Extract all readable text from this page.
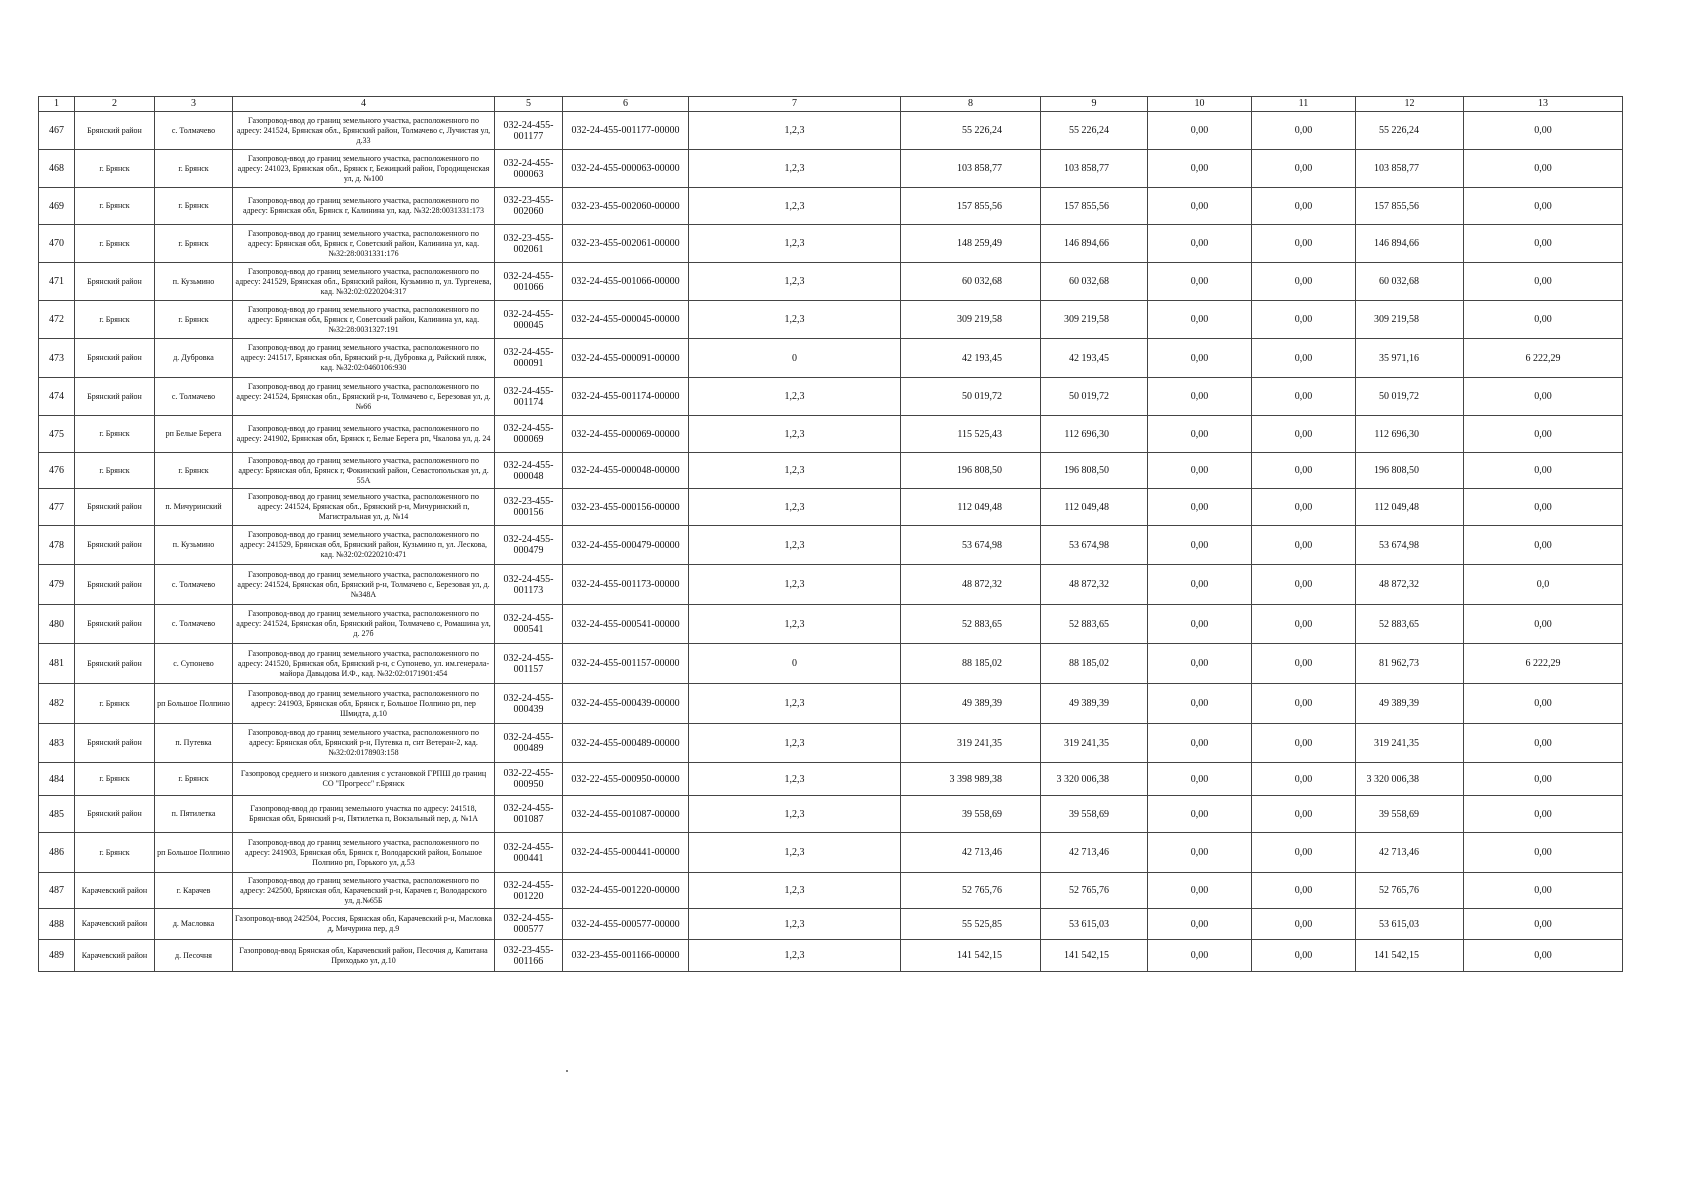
1	2	3	4	5	6	7	8	9	10	11	12	13
467	Брянский район	с. Толмачево	Газопровод-ввод до границ земельного участка, расположенного по адресу: 241524, Брянская обл., Брянский район, Толмачево с, Лучистая ул, д.33	032-24-455-001177	032-24-455-001177-00000	1,2,3	55 226,24	55 226,24	0,00	0,00	55 226,24	0,00
468	г. Брянск	г. Брянск	Газопровод-ввод до границ земельного участка, расположенного по адресу: 241023, Брянская обл., Брянск г, Бежицкий район, Городищенская ул, д. №100	032-24-455-000063	032-24-455-000063-00000	1,2,3	103 858,77	103 858,77	0,00	0,00	103 858,77	0,00
469	г. Брянск	г. Брянск	Газопровод-ввод до границ земельного участка, расположенного по адресу: Брянская обл, Брянск г, Калинина ул, кад. №32:28:0031331:173	032-23-455-002060	032-23-455-002060-00000	1,2,3	157 855,56	157 855,56	0,00	0,00	157 855,56	0,00
470	г. Брянск	г. Брянск	Газопровод-ввод до границ земельного участка, расположенного по адресу: Брянская обл, Брянск г, Советский район, Калинина ул, кад. №32:28:0031331:176	032-23-455-002061	032-23-455-002061-00000	1,2,3	148 259,49	146 894,66	0,00	0,00	146 894,66	0,00
471	Брянский район	п. Кузьмино	Газопровод-ввод до границ земельного участка, расположенного по адресу: 241529, Брянская обл., Брянский район, Кузьмино п, ул. Тургенева, кад. №32:02:0220204:317	032-24-455-001066	032-24-455-001066-00000	1,2,3	60 032,68	60 032,68	0,00	0,00	60 032,68	0,00
472	г. Брянск	г. Брянск	Газопровод-ввод до границ земельного участка, расположенного по адресу: Брянская обл, Брянск г, Советский район, Калинина ул, кад. №32:28:0031327:191	032-24-455-000045	032-24-455-000045-00000	1,2,3	309 219,58	309 219,58	0,00	0,00	309 219,58	0,00
473	Брянский район	д. Дубровка	Газопровод-ввод до границ земельного участка, расположенного по адресу: 241517, Брянская обл, Брянский р-н, Дубровка д, Райский пляж, кад. №32:02:0460106:930	032-24-455-000091	032-24-455-000091-00000	0	42 193,45	42 193,45	0,00	0,00	35 971,16	6 222,29
474	Брянский район	с. Толмачево	Газопровод-ввод до границ земельного участка, расположенного по адресу: 241524, Брянская обл., Брянский р-н, Толмачево с, Березовая ул, д. №66	032-24-455-001174	032-24-455-001174-00000	1,2,3	50 019,72	50 019,72	0,00	0,00	50 019,72	0,00
475	г. Брянск	рп Белые Берега	Газопровод-ввод до границ земельного участка, расположенного по адресу: 241902, Брянская обл, Брянск г, Белые Берега рп, Чкалова ул, д. 24	032-24-455-000069	032-24-455-000069-00000	1,2,3	115 525,43	112 696,30	0,00	0,00	112 696,30	0,00
476	г. Брянск	г. Брянск	Газопровод-ввод до границ земельного участка, расположенного по адресу: Брянская обл, Брянск г, Фокинский район, Севастопольская ул, д. 55А	032-24-455-000048	032-24-455-000048-00000	1,2,3	196 808,50	196 808,50	0,00	0,00	196 808,50	0,00
477	Брянский район	п. Мичуринский	Газопровод-ввод до границ земельного участка, расположенного по адресу: 241524, Брянская обл., Брянский р-н, Мичуринский п, Магистральная ул, д. №14	032-23-455-000156	032-23-455-000156-00000	1,2,3	112 049,48	112 049,48	0,00	0,00	112 049,48	0,00
478	Брянский район	п. Кузьмино	Газопровод-ввод до границ земельного участка, расположенного по адресу: 241529, Брянская обл, Брянский район, Кузьмино п, ул. Лескова, кад. №32:02:0220210:471	032-24-455-000479	032-24-455-000479-00000	1,2,3	53 674,98	53 674,98	0,00	0,00	53 674,98	0,00
479	Брянский район	с. Толмачево	Газопровод-ввод до границ земельного участка, расположенного по адресу: 241524, Брянская обл, Брянский р-н, Толмачево с, Березовая ул, д. №348А	032-24-455-001173	032-24-455-001173-00000	1,2,3	48 872,32	48 872,32	0,00	0,00	48 872,32	0,0
480	Брянский район	с. Толмачево	Газопровод-ввод до границ земельного участка, расположенного по адресу: 241524, Брянская обл, Брянский район, Толмачево с, Ромашина ул, д. 27б	032-24-455-000541	032-24-455-000541-00000	1,2,3	52 883,65	52 883,65	0,00	0,00	52 883,65	0,00
481	Брянский район	с. Супонево	Газопровод-ввод до границ земельного участка, расположенного по адресу: 241520, Брянская обл, Брянский р-н, с Супонево, ул. им.генерала-майора Давыдова И.Ф., кад. №32:02:0171901:454	032-24-455-001157	032-24-455-001157-00000	0	88 185,02	88 185,02	0,00	0,00	81 962,73	6 222,29
482	г. Брянск	рп Большое Полпино	Газопровод-ввод до границ земельного участка, расположенного по адресу: 241903, Брянская обл, Брянск г, Большое Полпино рп, пер Шмидта, д.10	032-24-455-000439	032-24-455-000439-00000	1,2,3	49 389,39	49 389,39	0,00	0,00	49 389,39	0,00
483	Брянский район	п. Путевка	Газопровод-ввод до границ земельного участка, расположенного по адресу: Брянская обл, Брянский р-н, Путевка п, снт Ветеран-2, кад. №32:02:0178903:158	032-24-455-000489	032-24-455-000489-00000	1,2,3	319 241,35	319 241,35	0,00	0,00	319 241,35	0,00
484	г. Брянск	г. Брянск	Газопровод среднего и низкого давления с установкой ГРПШ до границ СО "Прогресс" г.Брянск	032-22-455-000950	032-22-455-000950-00000	1,2,3	3 398 989,38	3 320 006,38	0,00	0,00	3 320 006,38	0,00
485	Брянский район	п. Пятилетка	Газопровод-ввод до границ земельного участка по адресу: 241518, Брянская обл, Брянский р-н, Пятилетка п, Вокзальный пер, д. №1А	032-24-455-001087	032-24-455-001087-00000	1,2,3	39 558,69	39 558,69	0,00	0,00	39 558,69	0,00
486	г. Брянск	рп Большое Полпино	Газопровод-ввод до границ земельного участка, расположенного по адресу: 241903, Брянская обл, Брянск г, Володарский район, Большое Полпино рп, Горького ул, д.53	032-24-455-000441	032-24-455-000441-00000	1,2,3	42 713,46	42 713,46	0,00	0,00	42 713,46	0,00
487	Карачевский район	г. Карачев	Газопровод-ввод до границ земельного участка, расположенного по адресу: 242500, Брянская обл, Карачевский р-н, Карачев г, Володарского ул, д.№65Б	032-24-455-001220	032-24-455-001220-00000	1,2,3	52 765,76	52 765,76	0,00	0,00	52 765,76	0,00
488	Карачевский район	д. Масловка	Газопровод-ввод 242504, Россия, Брянская обл, Карачевский р-н, Масловка д, Мичурина пер, д.9	032-24-455-000577	032-24-455-000577-00000	1,2,3	55 525,85	53 615,03	0,00	0,00	53 615,03	0,00
489	Карачевский район	д. Песочня	Газопровод-ввод Брянская обл, Карачевский район, Песочня д, Капитана Приходько ул, д.10	032-23-455-001166	032-23-455-001166-00000	1,2,3	141 542,15	141 542,15	0,00	0,00	141 542,15	0,00
